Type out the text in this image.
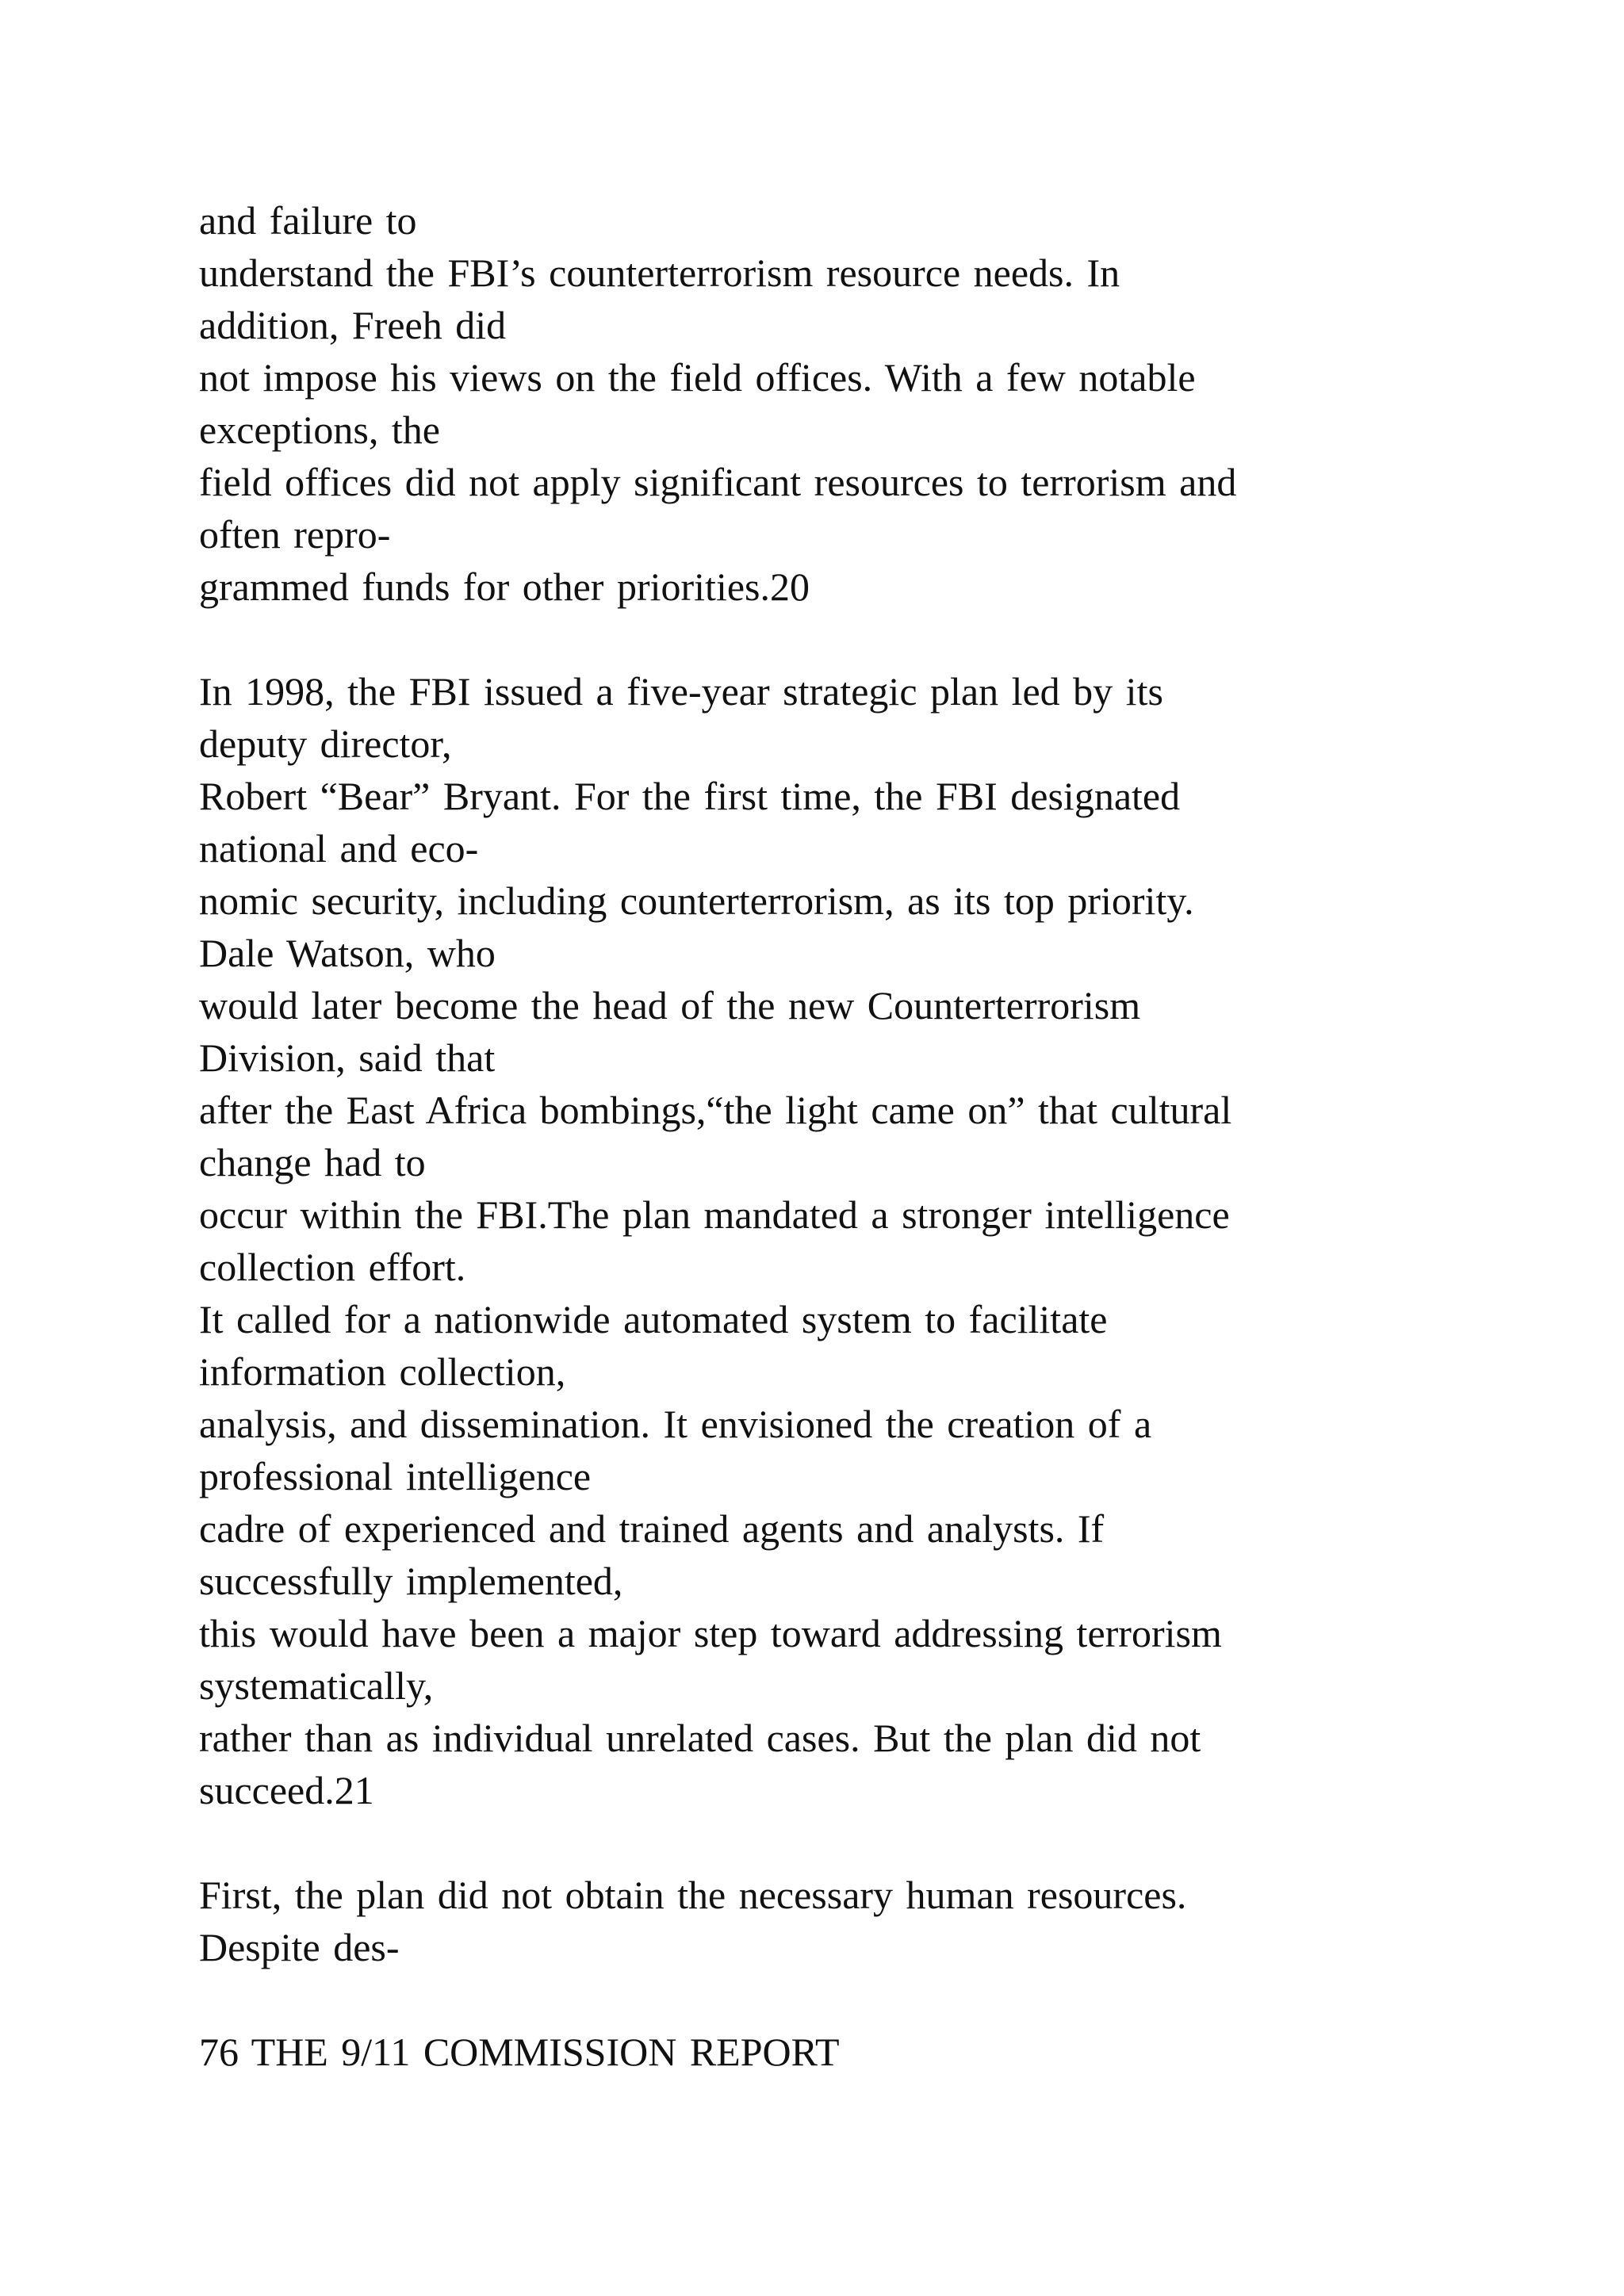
and failure to
understand the FBI’s counterterrorism resource needs. In
addition, Freeh did
not impose his views on the field offices. With a few notable
exceptions, the
field offices did not apply significant resources to terrorism and
often repro-
grammed funds for other priorities.20
In 1998, the FBI issued a five-year strategic plan led by its
deputy director,
Robert “Bear” Bryant. For the first time, the FBI designated
national and eco-
nomic security, including counterterrorism, as its top priority.
Dale Watson, who
would later become the head of the new Counterterrorism
Division, said that
after the East Africa bombings,“the light came on” that cultural
change had to
occur within the FBI.The plan mandated a stronger intelligence
collection effort.
It called for a nationwide automated system to facilitate
information collection,
analysis, and dissemination. It envisioned the creation of a
professional intelligence
cadre of experienced and trained agents and analysts. If
successfully implemented,
this would have been a major step toward addressing terrorism
systematically,
rather than as individual unrelated cases. But the plan did not
succeed.21
First, the plan did not obtain the necessary human resources.
Despite des-
76 THE 9/11 COMMISSION REPORT
